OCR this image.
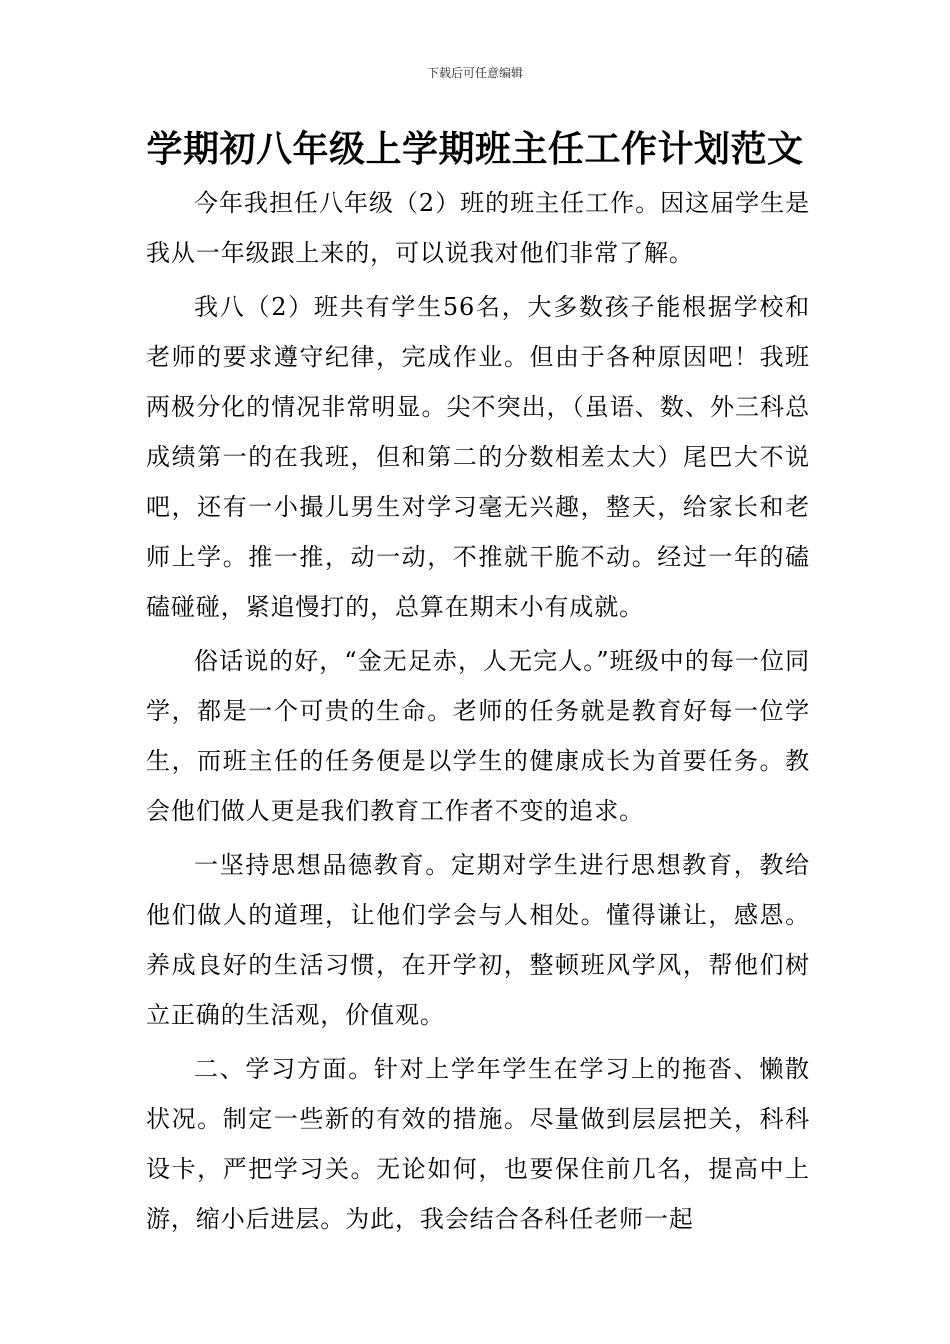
下载后可任意编辑
学期初八年级上学期班主任工作计划范文

今年我担任八年级（2）班的班主任工作。因这届学生是我从一年级跟上来的，可以说我对他们非常了解。

我八（2）班共有学生56名，大多数孩子能根据学校和老师的要求遵守纪律，完成作业。但由于各种原因吧！我班两极分化的情况非常明显。尖不突出，（虽语、数、外三科总成绩第一的在我班，但和第二的分数相差太大）尾巴大不说吧，还有一小撮儿男生对学习毫无兴趣，整天，给家长和老师上学。推一推，动一动，不推就干脆不动。经过一年的磕磕碰碰，紧追慢打的，总算在期末小有成就。

俗话说的好，“金无足赤，人无完人。”班级中的每一位同学，都是一个可贵的生命。老师的任务就是教育好每一位学生，而班主任的任务便是以学生的健康成长为首要任务。教会他们做人更是我们教育工作者不变的追求。

一坚持思想品德教育。定期对学生进行思想教育，教给他们做人的道理，让他们学会与人相处。懂得谦让，感恩。养成良好的生活习惯，在开学初，整顿班风学风，帮他们树立正确的生活观，价值观。

二、学习方面。针对上学年学生在学习上的拖沓、懒散状况。制定一些新的有效的措施。尽量做到层层把关，科科设卡，严把学习关。无论如何，也要保住前几名，提高中上游，缩小后进层。为此，我会结合各科任老师一起
